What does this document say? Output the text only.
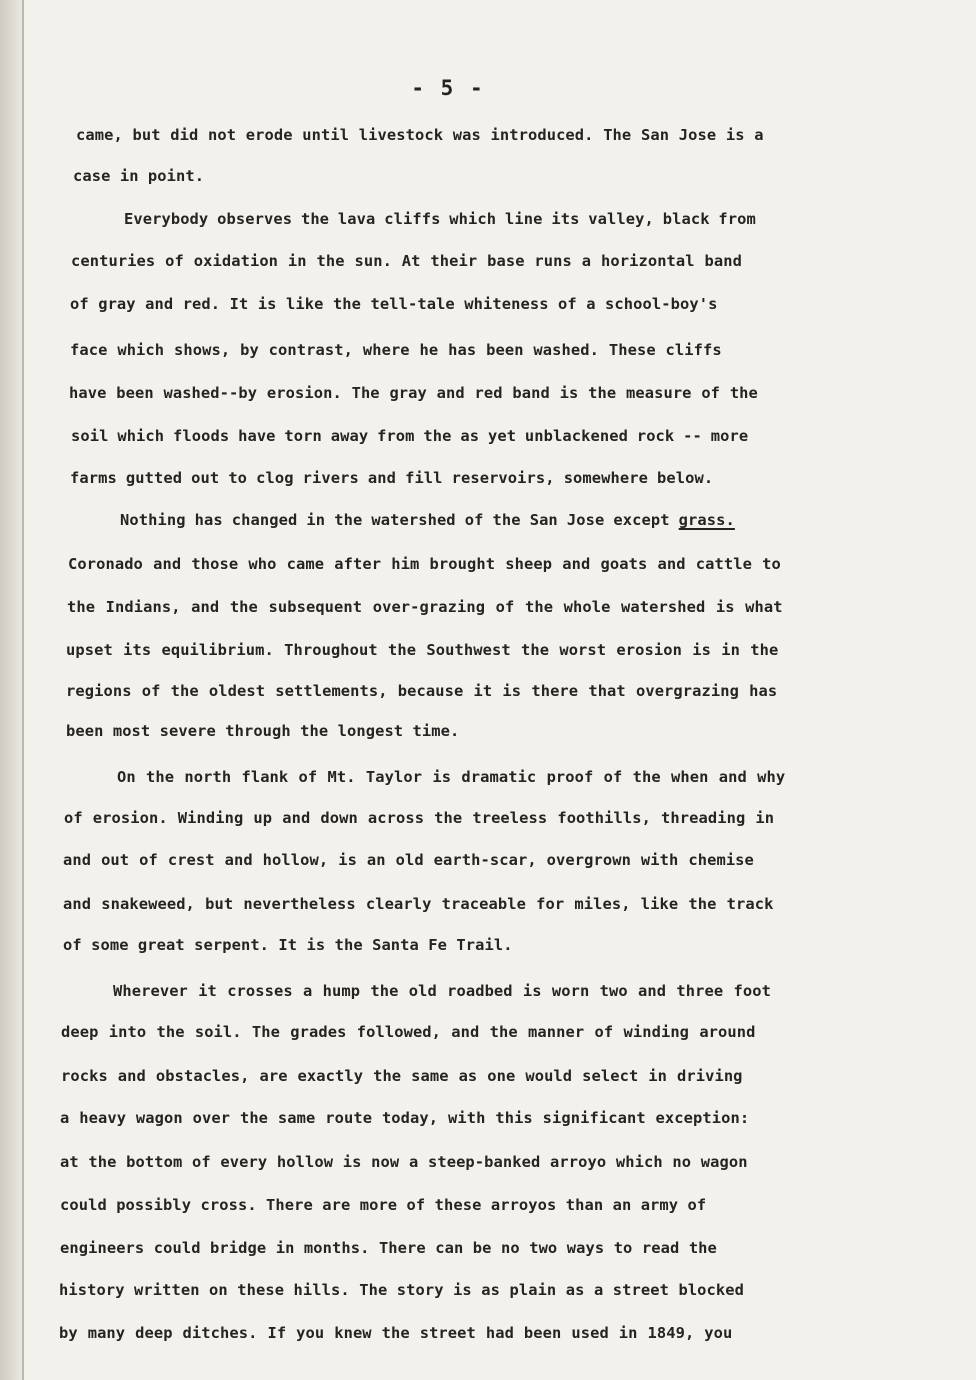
- 5 -
came, but did not erode until livestock was introduced. The San Jose is a
case in point.
Everybody observes the lava cliffs which line its valley, black from
centuries of oxidation in the sun. At their base runs a horizontal band
of gray and red. It is like the tell-tale whiteness of a school-boy's
face which shows, by contrast, where he has been washed. These cliffs
have been washed--by erosion. The gray and red band is the measure of the
soil which floods have torn away from the as yet unblackened rock -- more
farms gutted out to clog rivers and fill reservoirs, somewhere below.
Nothing has changed in the watershed of the San Jose except grass.
Coronado and those who came after him brought sheep and goats and cattle to
the Indians, and the subsequent over-grazing of the whole watershed is what
upset its equilibrium. Throughout the Southwest the worst erosion is in the
regions of the oldest settlements, because it is there that overgrazing has
been most severe through the longest time.
On the north flank of Mt. Taylor is dramatic proof of the when and why
of erosion. Winding up and down across the treeless foothills, threading in
and out of crest and hollow, is an old earth-scar, overgrown with chemise
and snakeweed, but nevertheless clearly traceable for miles, like the track
of some great serpent. It is the Santa Fe Trail.
Wherever it crosses a hump the old roadbed is worn two and three foot
deep into the soil. The grades followed, and the manner of winding around
rocks and obstacles, are exactly the same as one would select in driving
a heavy wagon over the same route today, with this significant exception:
at the bottom of every hollow is now a steep-banked arroyo which no wagon
could possibly cross. There are more of these arroyos than an army of
engineers could bridge in months. There can be no two ways to read the
history written on these hills. The story is as plain as a street blocked
by many deep ditches. If you knew the street had been used in 1849, you
